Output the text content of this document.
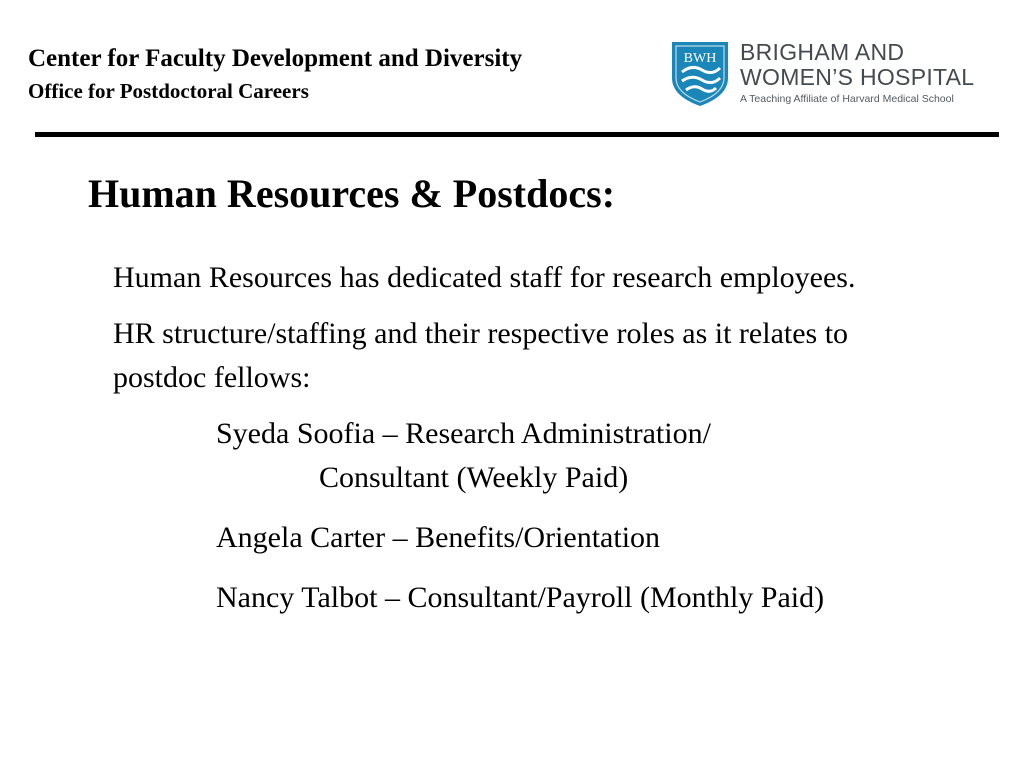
Center for Faculty Development and Diversity
Office for Postdoctoral Careers
BWH BRIGHAM AND
WOMEN’S HOSPITAL
A Teaching Affiliate of Harvard Medical School
Human Resources & Postdocs:

Human Resources has dedicated staff for research employees.

HR structure/staffing and their respective roles as it relates to postdoc fellows:

Syeda Soofia – Research Administration/
Consultant (Weekly Paid)
Angela Carter – Benefits/Orientation
Nancy Talbot – Consultant/Payroll (Monthly Paid)
